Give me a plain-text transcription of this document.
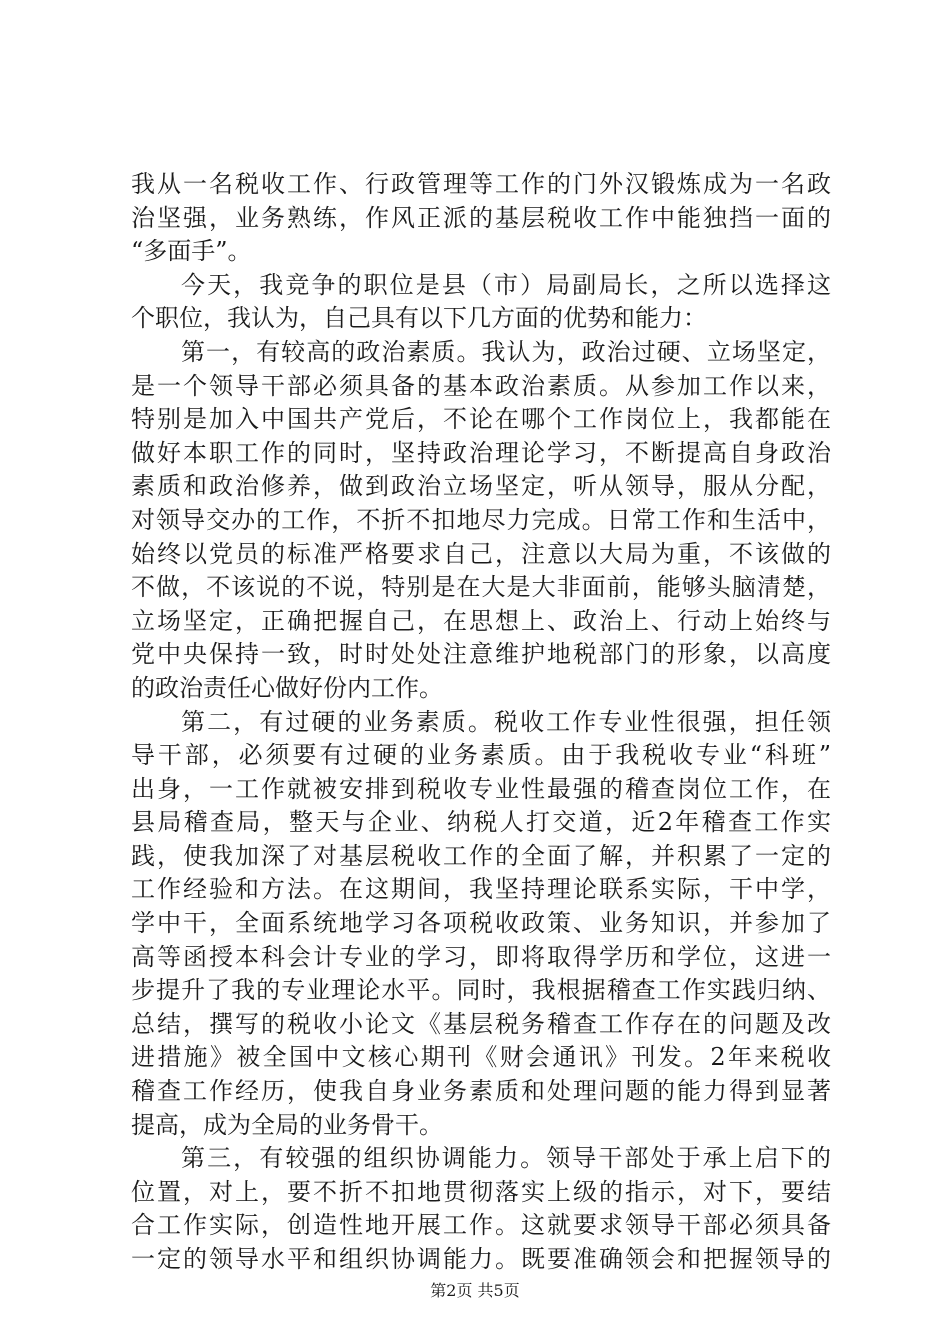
我从一名税收工作、行政管理等工作的门外汉锻炼成为一名政
治坚强，业务熟练，作风正派的基层税收工作中能独挡一面的
“多面手”。
今天，我竞争的职位是县（市）局副局长，之所以选择这
个职位，我认为，自己具有以下几方面的优势和能力：
第一，有较高的政治素质。我认为，政治过硬、立场坚定，
是一个领导干部必须具备的基本政治素质。从参加工作以来，
特别是加入中国共产党后，不论在哪个工作岗位上，我都能在
做好本职工作的同时，坚持政治理论学习，不断提高自身政治
素质和政治修养，做到政治立场坚定，听从领导，服从分配，
对领导交办的工作，不折不扣地尽力完成。日常工作和生活中，
始终以党员的标准严格要求自己，注意以大局为重，不该做的
不做，不该说的不说，特别是在大是大非面前，能够头脑清楚，
立场坚定，正确把握自己，在思想上、政治上、行动上始终与
党中央保持一致，时时处处注意维护地税部门的形象，以高度
的政治责任心做好份内工作。
第二，有过硬的业务素质。税收工作专业性很强，担任领
导干部，必须要有过硬的业务素质。由于我税收专业“科班”
出身，一工作就被安排到税收专业性最强的稽查岗位工作，在
县局稽查局，整天与企业、纳税人打交道，近2年稽查工作实
践，使我加深了对基层税收工作的全面了解，并积累了一定的
工作经验和方法。在这期间，我坚持理论联系实际，干中学，
学中干，全面系统地学习各项税收政策、业务知识，并参加了
高等函授本科会计专业的学习，即将取得学历和学位，这进一
步提升了我的专业理论水平。同时，我根据稽查工作实践归纳、
总结，撰写的税收小论文《基层税务稽查工作存在的问题及改
进措施》被全国中文核心期刊《财会通讯》刊发。2年来税收
稽查工作经历，使我自身业务素质和处理问题的能力得到显著
提高，成为全局的业务骨干。
第三，有较强的组织协调能力。领导干部处于承上启下的
位置，对上，要不折不扣地贯彻落实上级的指示，对下，要结
合工作实际，创造性地开展工作。这就要求领导干部必须具备
一定的领导水平和组织协调能力。既要准确领会和把握领导的
第2页 共5页
